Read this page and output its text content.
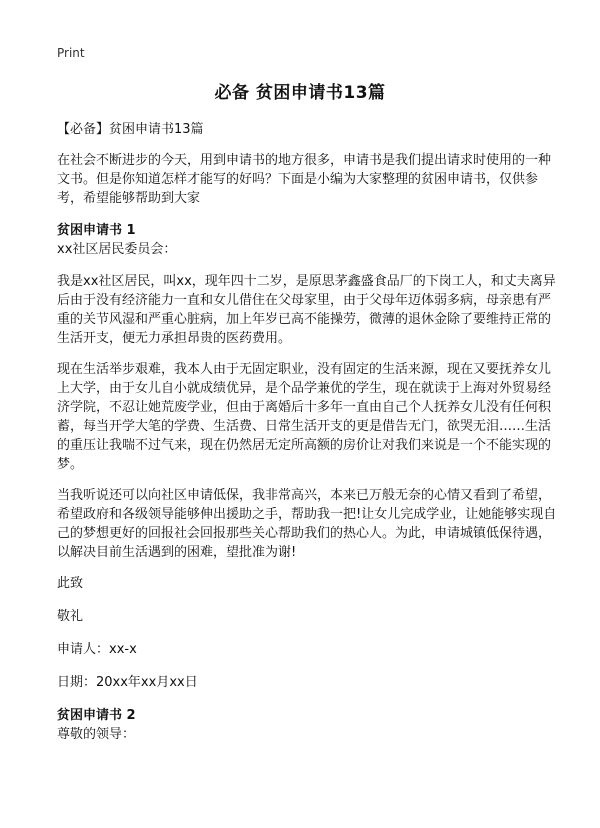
Print
必备 贫困申请书13篇

【必备】贫困申请书13篇

在社会不断进步的今天，用到申请书的地方很多，申请书是我们提出请求时使用的一种文书。但是你知道怎样才能写的好吗？下面是小编为大家整理的贫困申请书，仅供参考，希望能够帮助到大家

贫困申请书 1

xx社区居民委员会：

我是xx社区居民，叫xx，现年四十二岁，是原思茅鑫盛食品厂的下岗工人，和丈夫离异后由于没有经济能力一直和女儿借住在父母家里，由于父母年迈体弱多病，母亲患有严重的关节风湿和严重心脏病，加上年岁已高不能操劳，微薄的退休金除了要维持正常的生活开支，便无力承担昂贵的医药费用。

现在生活举步艰难，我本人由于无固定职业，没有固定的生活来源，现在又要抚养女儿上大学，由于女儿自小就成绩优异，是个品学兼优的学生，现在就读于上海对外贸易经济学院，不忍让她荒废学业，但由于离婚后十多年一直由自己个人抚养女儿没有任何积蓄，每当开学大笔的学费、生活费、日常生活开支的更是借告无门，欲哭无泪……生活的重压让我喘不过气来，现在仍然居无定所高额的房价让对我们来说是一个不能实现的梦。

当我听说还可以向社区申请低保，我非常高兴，本来已万般无奈的心情又看到了希望，希望政府和各级领导能够伸出援助之手，帮助我一把!让女儿完成学业，让她能够实现自己的梦想更好的回报社会回报那些关心帮助我们的热心人。为此，申请城镇低保待遇，以解决目前生活遇到的困难，望批准为谢!

此致

敬礼

申请人：xx-x

日期：20xx年xx月xx日

贫困申请书 2

尊敬的领导：
